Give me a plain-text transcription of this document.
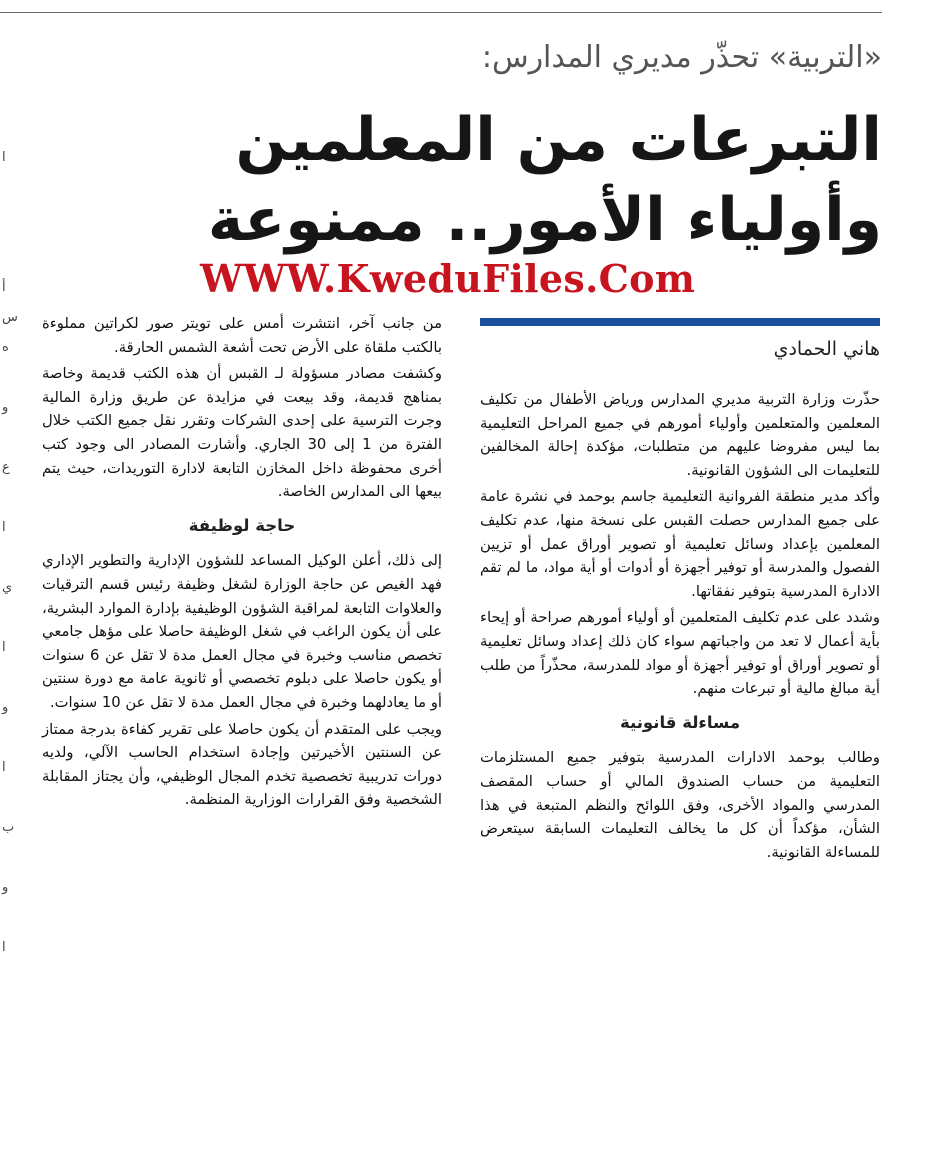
ا
أ
س
ه
و
ع
ا
ي
ا
و
ا
ب
و
ا
«التربية» تحذّر مديري المدارس:
التبرعات من المعلمين
وأولياء الأمور.. ممنوعة
WWW.KweduFiles.Com
هاني الحمادي

حذّرت وزارة التربية مديري المدارس ورياض الأطفال من تكليف المعلمين والمتعلمين وأولياء أمورهم في جميع المراحل التعليمية بما ليس مفروضا عليهم من متطلبات، مؤكدة إحالة المخالفين للتعليمات الى الشؤون القانونية.

وأكد مدير منطقة الفروانية التعليمية جاسم بوحمد في نشرة عامة على جميع المدارس حصلت القبس على نسخة منها، عدم تكليف المعلمين بإعداد وسائل تعليمية أو تصوير أوراق عمل أو تزيين الفصول والمدرسة أو توفير أجهزة أو أدوات أو أية مواد، ما لم تقم الادارة المدرسية بتوفير نفقاتها.

وشدد على عدم تكليف المتعلمين أو أولياء أمورهم صراحة أو إيحاء بأية أعمال لا تعد من واجباتهم سواء كان ذلك إعداد وسائل تعليمية أو تصوير أوراق أو توفير أجهزة أو مواد للمدرسة، محذّراً من طلب أية مبالغ مالية أو تبرعات منهم.

مساءلة قانونية

وطالب بوحمد الادارات المدرسية بتوفير جميع المستلزمات التعليمية من حساب الصندوق المالي أو حساب المقصف المدرسي والمواد الأخرى، وفق اللوائح والنظم المتبعة في هذا الشأن، مؤكداً أن كل ما يخالف التعليمات السابقة سيتعرض للمساءلة القانونية.

من جانب آخر، انتشرت أمس على تويتر صور لكراتين مملوءة بالكتب ملقاة على الأرض تحت أشعة الشمس الحارقة.

وكشفت مصادر مسؤولة لـ القبس أن هذه الكتب قديمة وخاصة بمناهج قديمة، وقد بيعت في مزايدة عن طريق وزارة المالية وجرت الترسية على إحدى الشركات وتقرر نقل جميع الكتب خلال الفترة من 1 إلى 30 الجاري. وأشارت المصادر الى وجود كتب أخرى محفوظة داخل المخازن التابعة لادارة التوريدات، حيث يتم بيعها الى المدارس الخاصة.

حاجة لوظيفة

إلى ذلك، أعلن الوكيل المساعد للشؤون الإدارية والتطوير الإداري فهد الغيص عن حاجة الوزارة لشغل وظيفة رئيس قسم الترقيات والعلاوات التابعة لمراقبة الشؤون الوظيفية بإدارة الموارد البشرية، على أن يكون الراغب في شغل الوظيفة حاصلا على مؤهل جامعي تخصص مناسب وخبرة في مجال العمل مدة لا تقل عن 6 سنوات أو يكون حاصلا على دبلوم تخصصي أو ثانوية عامة مع دورة سنتين أو ما يعادلهما وخبرة في مجال العمل مدة لا تقل عن 10 سنوات.

ويجب على المتقدم أن يكون حاصلا على تقرير كفاءة بدرجة ممتاز عن السنتين الأخيرتين وإجادة استخدام الحاسب الآلي، ولديه دورات تدريبية تخصصية تخدم المجال الوظيفي، وأن يجتاز المقابلة الشخصية وفق القرارات الوزارية المنظمة.
